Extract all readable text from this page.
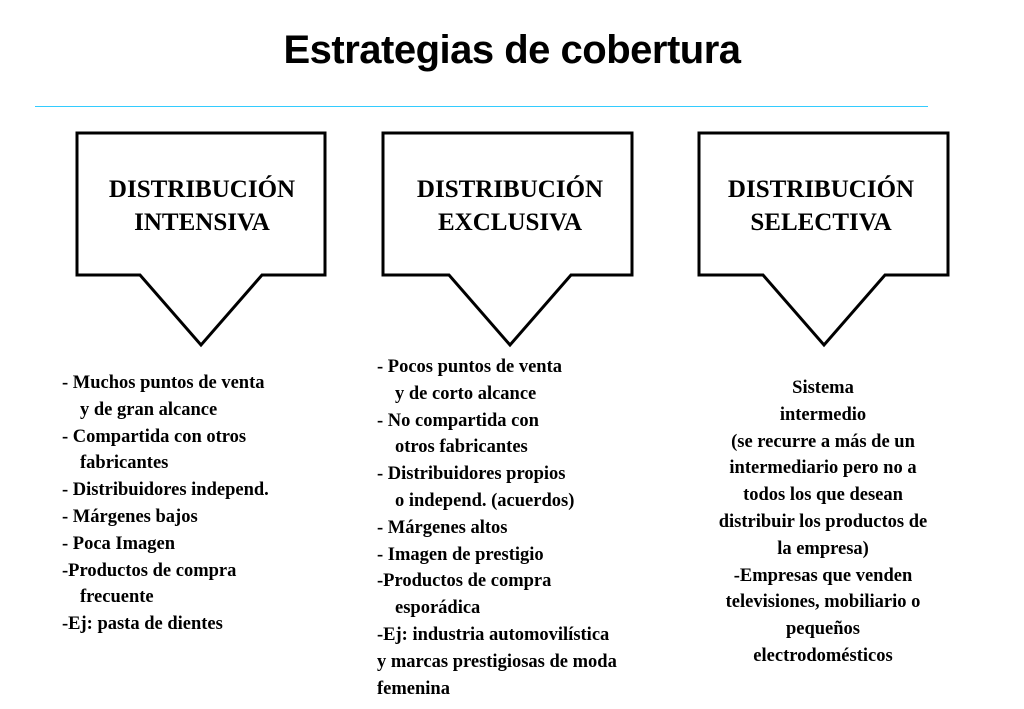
Estrategias de cobertura
DISTRIBUCIÓN
INTENSIVA
DISTRIBUCIÓN
EXCLUSIVA
DISTRIBUCIÓN
SELECTIVA
- Muchos puntos de venta
y de gran alcance
- Compartida con otros
fabricantes
- Distribuidores independ.
- Márgenes bajos
- Poca Imagen
-Productos de compra
frecuente
-Ej: pasta de dientes
- Pocos puntos de venta
y de corto alcance
- No compartida con
otros fabricantes
- Distribuidores propios
o independ. (acuerdos)
- Márgenes altos
- Imagen de prestigio
-Productos de compra
esporádica
-Ej: industria automovilística
y marcas prestigiosas de moda
femenina
Sistema
intermedio
(se recurre a más de un
intermediario pero no a
todos los que desean
distribuir los productos de
la empresa)
-Empresas que venden
televisiones, mobiliario o
pequeños
electrodomésticos
